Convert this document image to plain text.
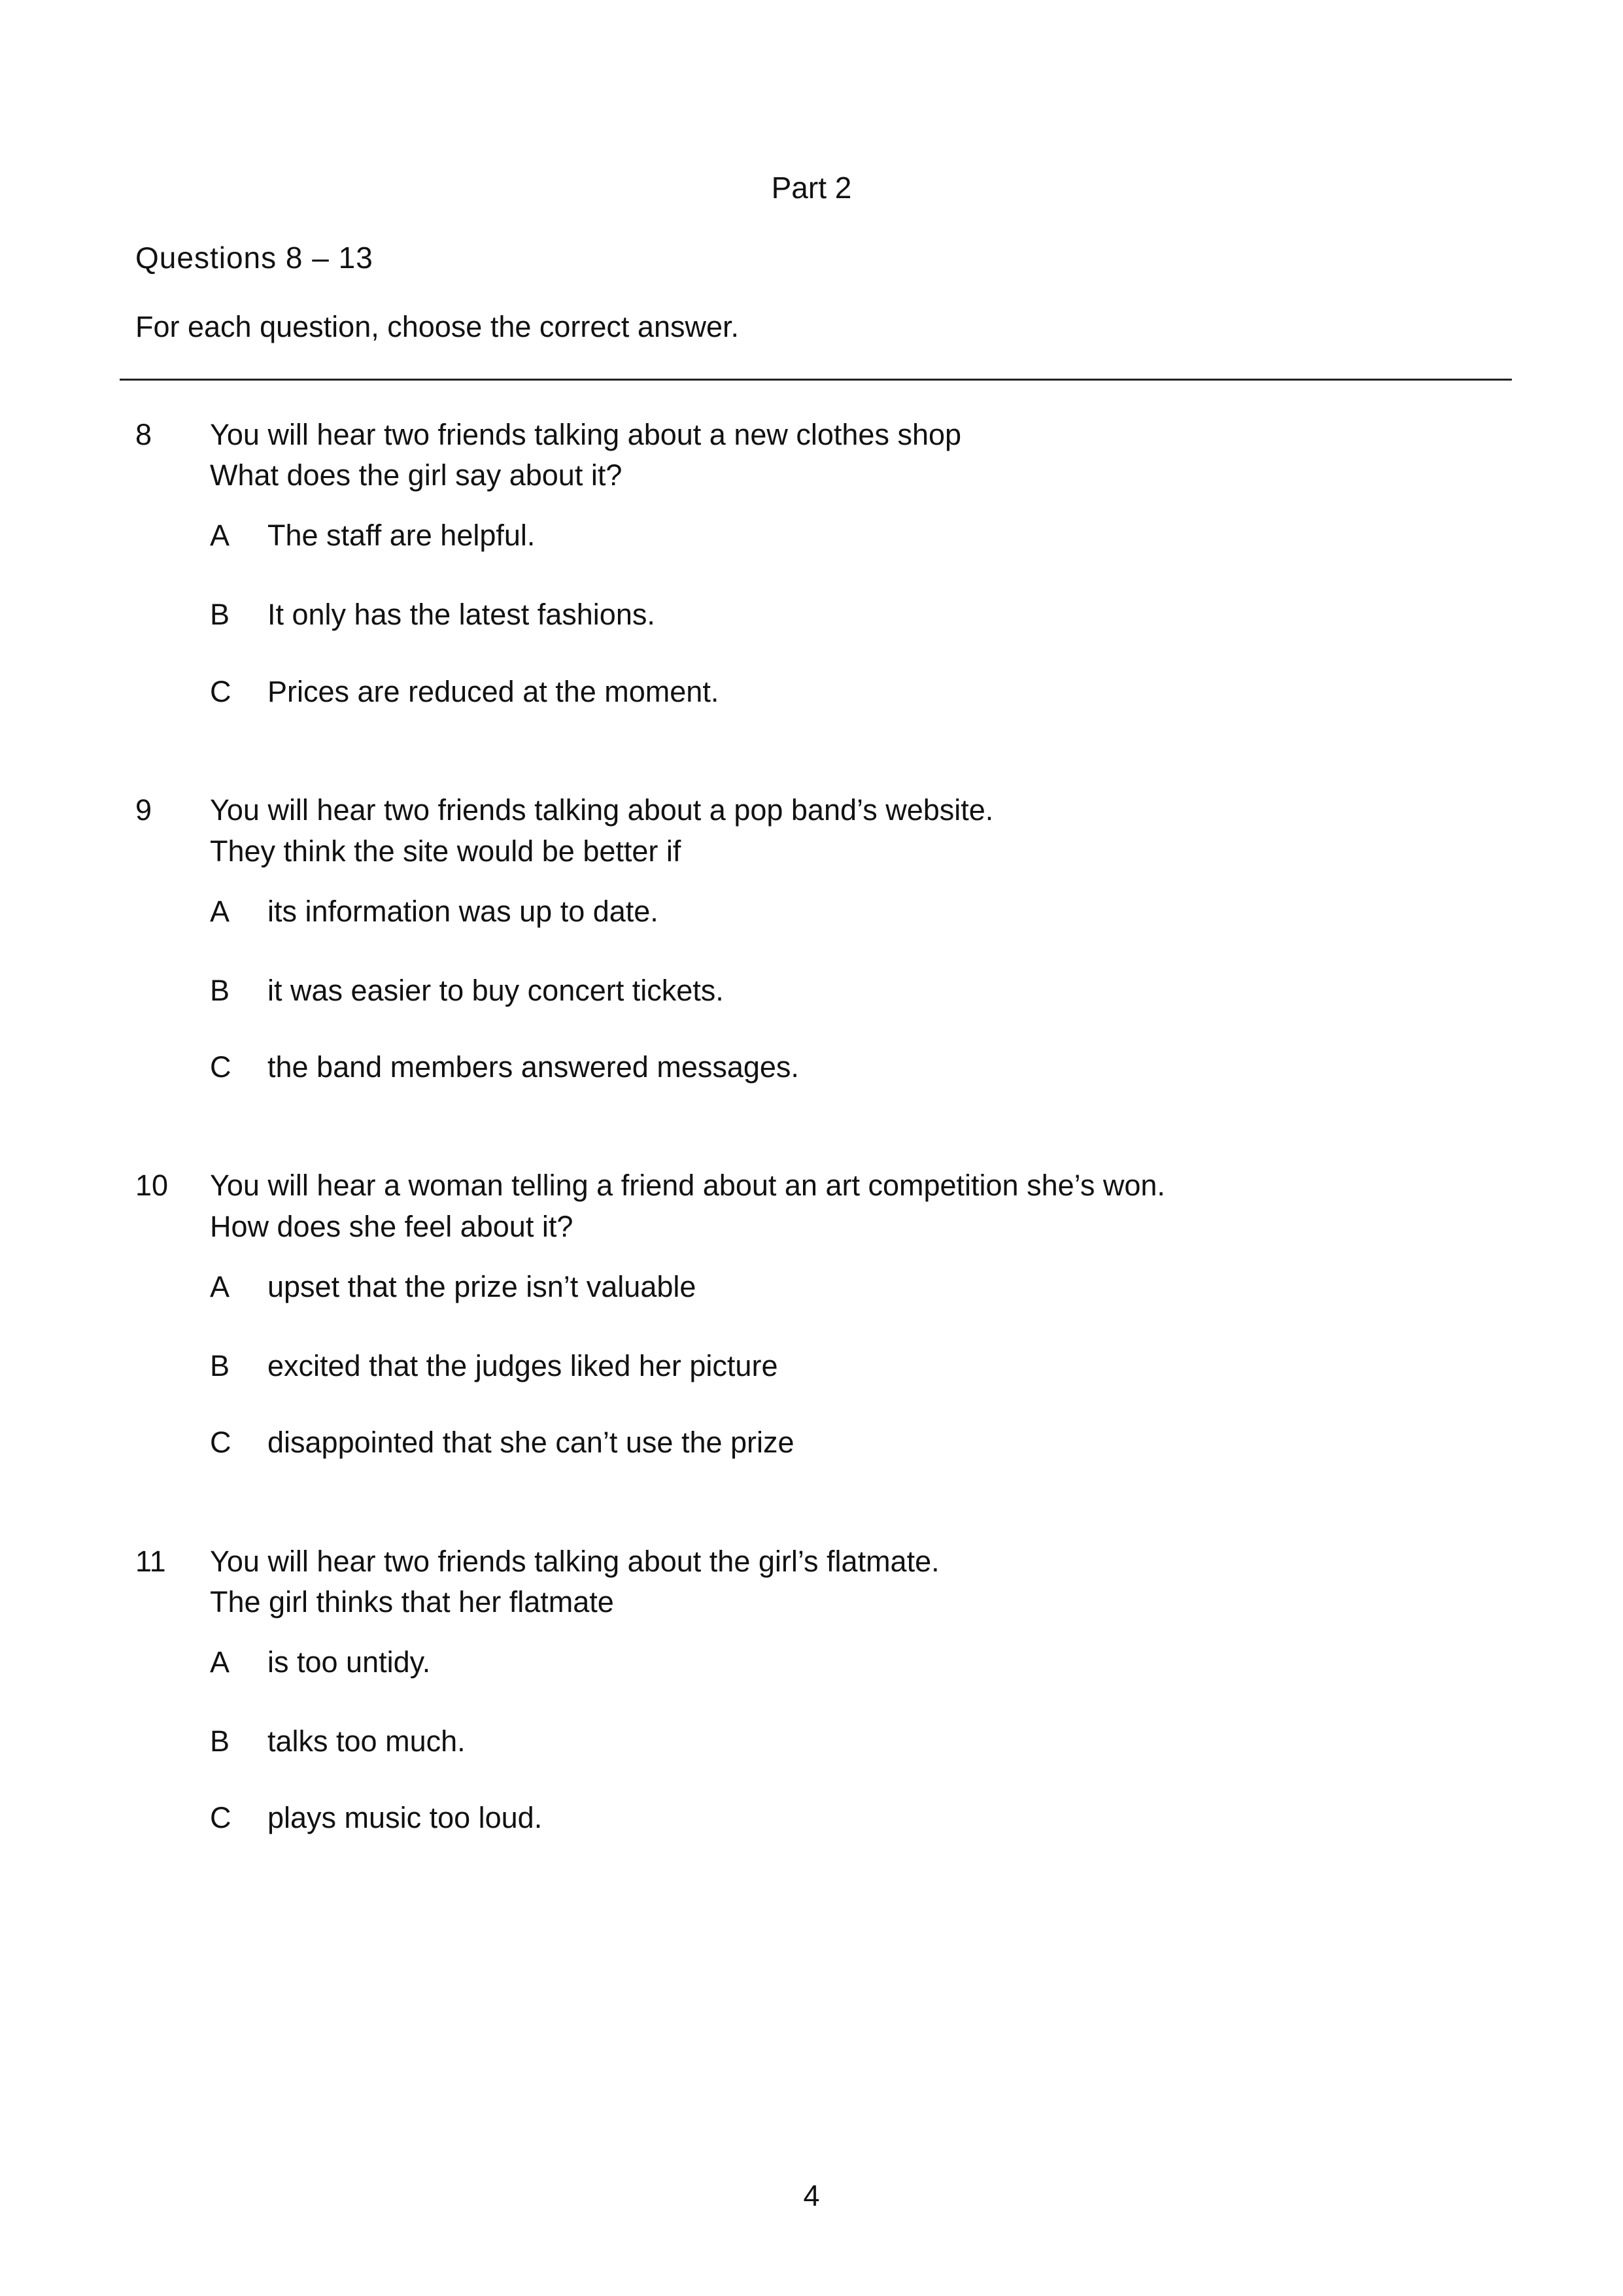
Part 2
Questions 8 – 13
For each question, choose the correct answer.
8 You will hear two friends talking about a new clothes shop
What does the girl say about it?
A The staff are helpful.
B It only has the latest fashions.
C Prices are reduced at the moment.
9 You will hear two friends talking about a pop band’s website.
They think the site would be better if
A its information was up to date.
B it was easier to buy concert tickets.
C the band members answered messages.
10 You will hear a woman telling a friend about an art competition she’s won.
How does she feel about it?
A upset that the prize isn’t valuable
B excited that the judges liked her picture
C disappointed that she can’t use the prize
11 You will hear two friends talking about the girl’s flatmate.
The girl thinks that her flatmate
A is too untidy.
B talks too much.
C plays music too loud.
4
